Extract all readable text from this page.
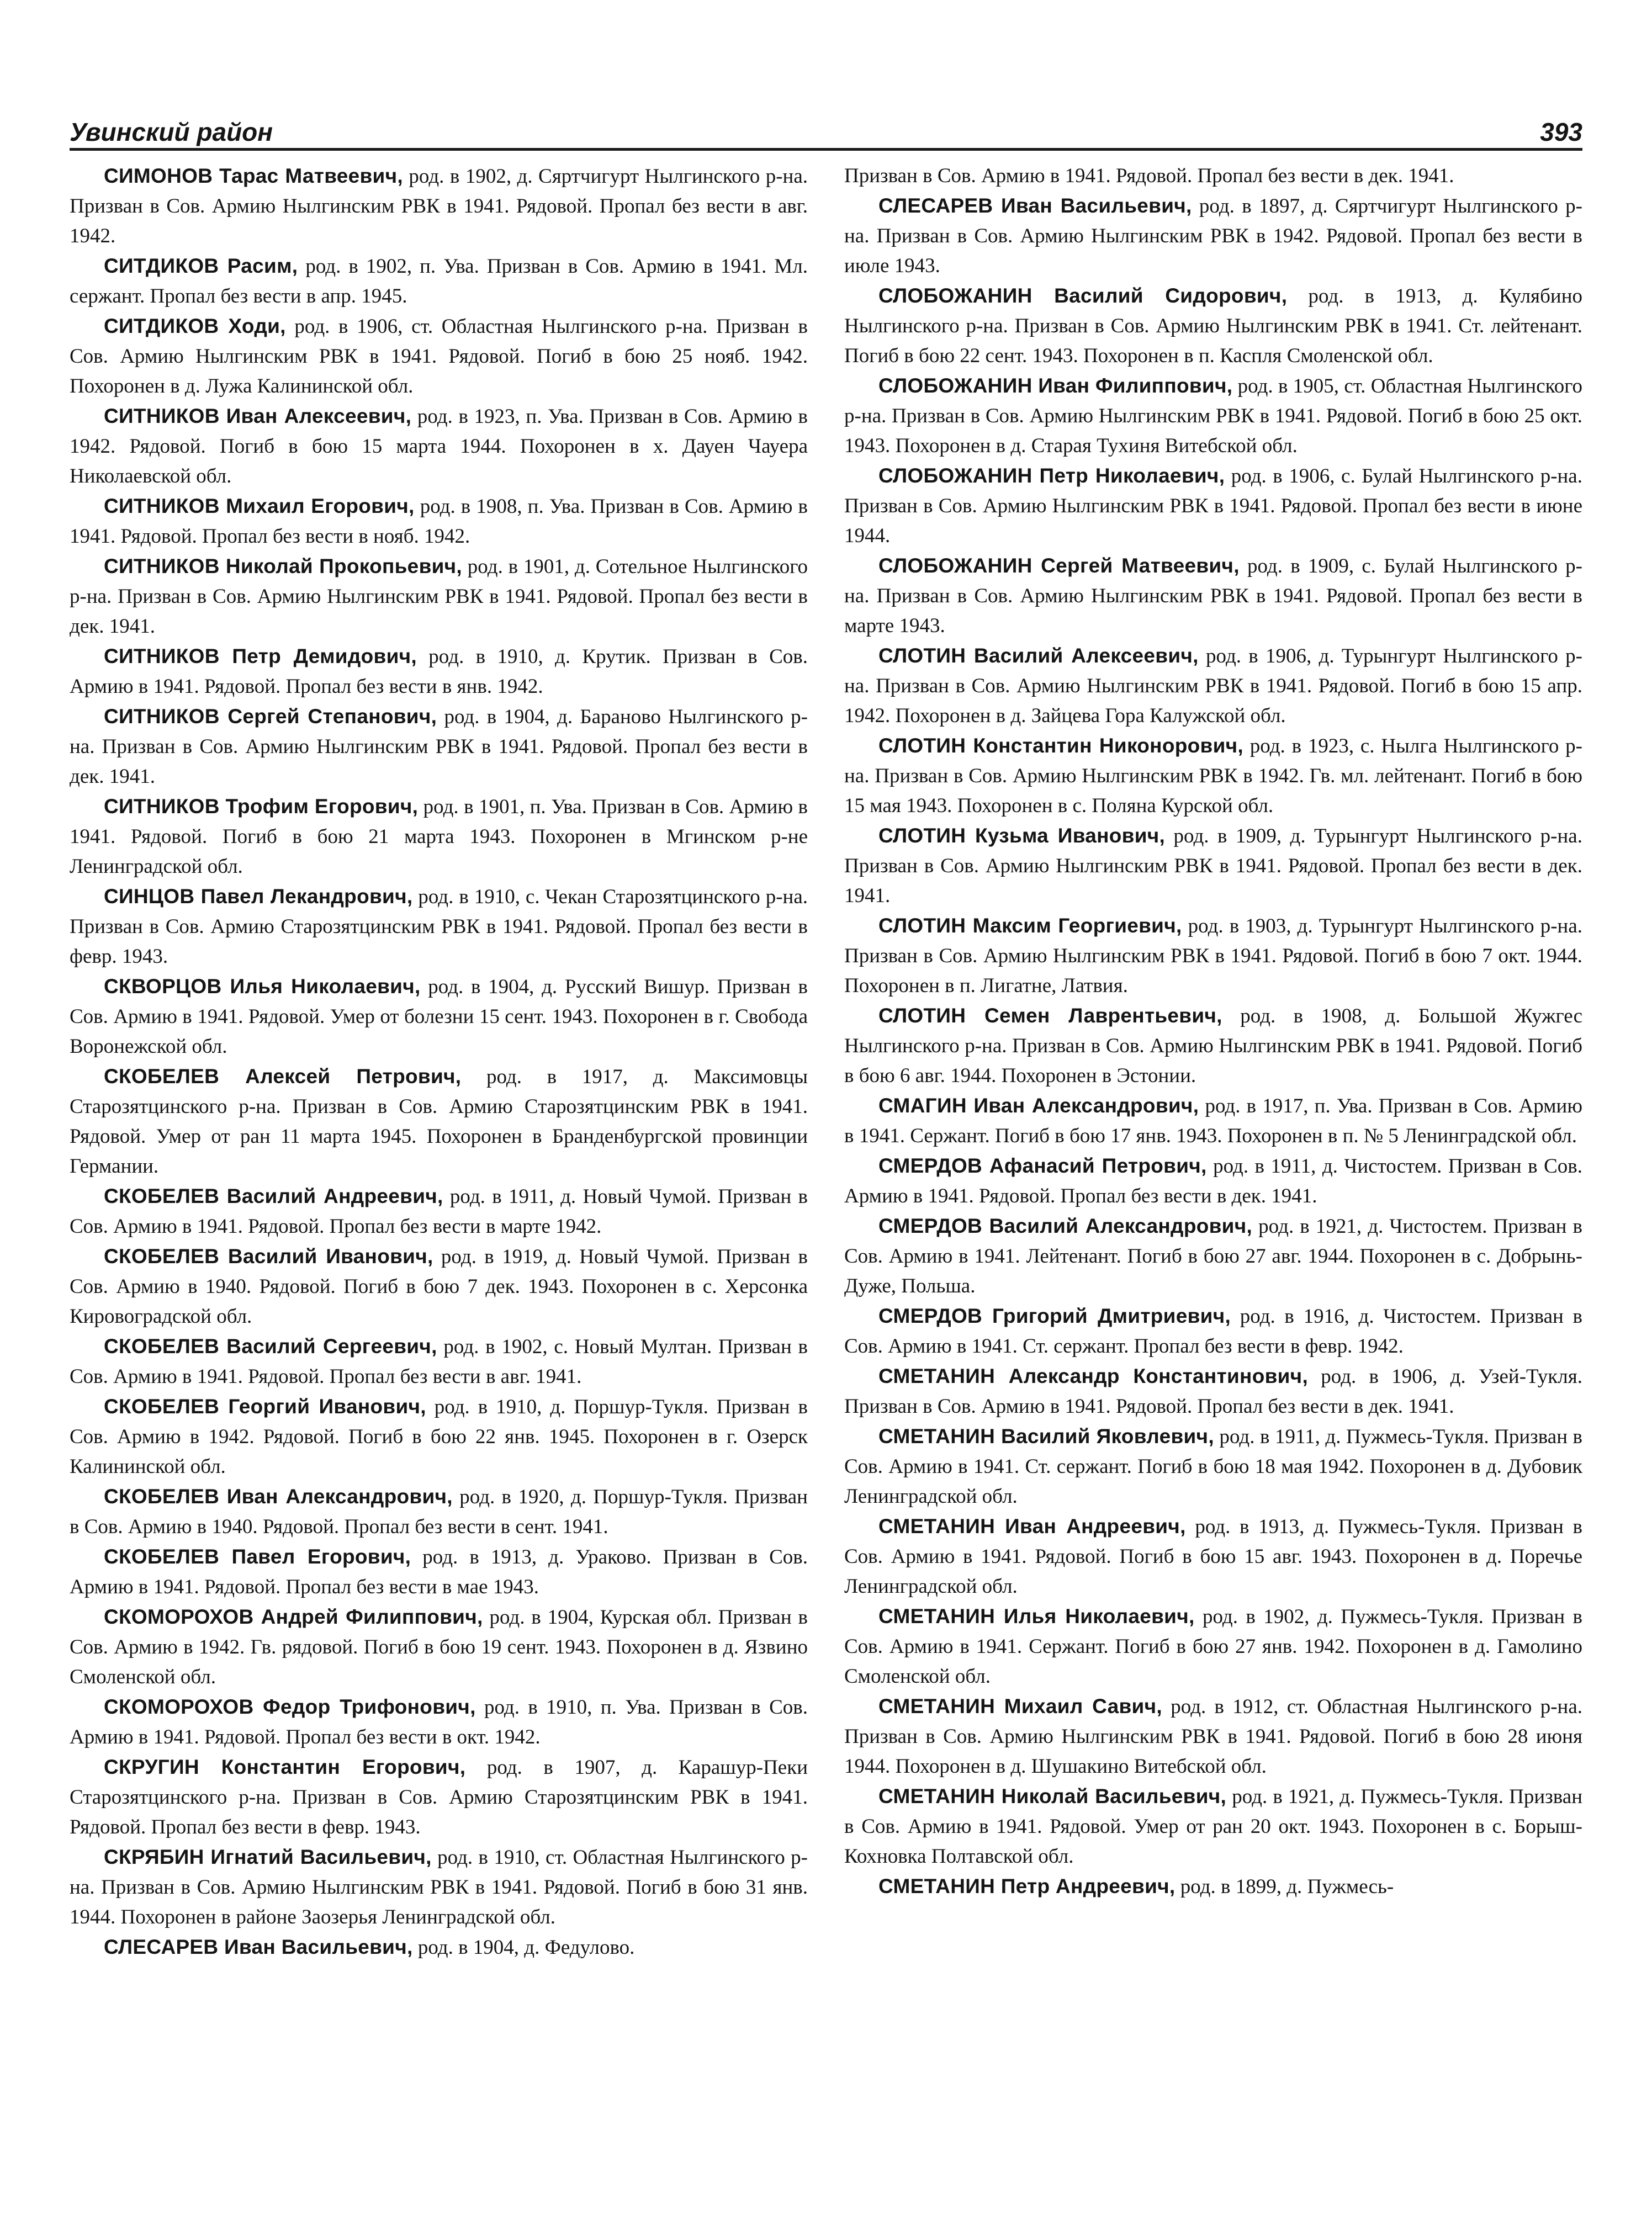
Увинский район	393

СИМОНОВ Тарас Матвеевич, род. в 1902, д. Сяртчигурт Нылгинского р-на. Призван в Сов. Армию Нылгинским РВК в 1941. Рядовой. Пропал без вести в авг. 1942.

СИТДИКОВ Расим, род. в 1902, п. Ува. Призван в Сов. Армию в 1941. Мл. сержант. Пропал без вести в апр. 1945.

СИТДИКОВ Ходи, род. в 1906, ст. Областная Нылгинского р-на. Призван в Сов. Армию Нылгинским РВК в 1941. Рядовой. Погиб в бою 25 нояб. 1942. Похоронен в д. Лужа Калининской обл.

СИТНИКОВ Иван Алексеевич, род. в 1923, п. Ува. Призван в Сов. Армию в 1942. Рядовой. Погиб в бою 15 марта 1944. Похоронен в х. Дауен Чауера Николаевской обл.

СИТНИКОВ Михаил Егорович, род. в 1908, п. Ува. Призван в Сов. Армию в 1941. Рядовой. Пропал без вести в нояб. 1942.

СИТНИКОВ Николай Прокопьевич, род. в 1901, д. Сотельное Нылгинского р-на. Призван в Сов. Армию Нылгинским РВК в 1941. Рядовой. Пропал без вести в дек. 1941.

СИТНИКОВ Петр Демидович, род. в 1910, д. Крутик. Призван в Сов. Армию в 1941. Рядовой. Пропал без вести в янв. 1942.

СИТНИКОВ Сергей Степанович, род. в 1904, д. Бараново Нылгинского р-на. Призван в Сов. Армию Нылгинским РВК в 1941. Рядовой. Пропал без вести в дек. 1941.

СИТНИКОВ Трофим Егорович, род. в 1901, п. Ува. Призван в Сов. Армию в 1941. Рядовой. Погиб в бою 21 марта 1943. Похоронен в Мгинском р-не Ленинградской обл.

СИНЦОВ Павел Лекандрович, род. в 1910, с. Чекан Старозятцинского р-на. Призван в Сов. Армию Старозятцинским РВК в 1941. Рядовой. Пропал без вести в февр. 1943.

СКВОРЦОВ Илья Николаевич, род. в 1904, д. Русский Вишур. Призван в Сов. Армию в 1941. Рядовой. Умер от болезни 15 сент. 1943. Похоронен в г. Свобода Воронежской обл.

СКОБЕЛЕВ Алексей Петрович, род. в 1917, д. Максимовцы Старозятцинского р-на. Призван в Сов. Армию Старозятцинским РВК в 1941. Рядовой. Умер от ран 11 марта 1945. Похоронен в Бранденбургской провинции Германии.

СКОБЕЛЕВ Василий Андреевич, род. в 1911, д. Новый Чумой. Призван в Сов. Армию в 1941. Рядовой. Пропал без вести в марте 1942.

СКОБЕЛЕВ Василий Иванович, род. в 1919, д. Новый Чумой. Призван в Сов. Армию в 1940. Рядовой. Погиб в бою 7 дек. 1943. Похоронен в с. Херсонка Кировоградской обл.

СКОБЕЛЕВ Василий Сергеевич, род. в 1902, с. Новый Мултан. Призван в Сов. Армию в 1941. Рядовой. Пропал без вести в авг. 1941.

СКОБЕЛЕВ Георгий Иванович, род. в 1910, д. Поршур-Тукля. Призван в Сов. Армию в 1942. Рядовой. Погиб в бою 22 янв. 1945. Похоронен в г. Озерск Калининской обл.

СКОБЕЛЕВ Иван Александрович, род. в 1920, д. Поршур-Тукля. Призван в Сов. Армию в 1940. Рядовой. Пропал без вести в сент. 1941.

СКОБЕЛЕВ Павел Егорович, род. в 1913, д. Ураково. Призван в Сов. Армию в 1941. Рядовой. Пропал без вести в мае 1943.

СКОМОРОХОВ Андрей Филиппович, род. в 1904, Курская обл. Призван в Сов. Армию в 1942. Гв. рядовой. Погиб в бою 19 сент. 1943. Похоронен в д. Язвино Смоленской обл.

СКОМОРОХОВ Федор Трифонович, род. в 1910, п. Ува. Призван в Сов. Армию в 1941. Рядовой. Пропал без вести в окт. 1942.

СКРУГИН Константин Егорович, род. в 1907, д. Карашур-Пеки Старозятцинского р-на. Призван в Сов. Армию Старозятцинским РВК в 1941. Рядовой. Пропал без вести в февр. 1943.

СКРЯБИН Игнатий Васильевич, род. в 1910, ст. Областная Нылгинского р-на. Призван в Сов. Армию Нылгинским РВК в 1941. Рядовой. Погиб в бою 31 янв. 1944. Похоронен в районе Заозерья Ленинградской обл.

СЛЕСАРЕВ Иван Васильевич, род. в 1904, д. Федулово.

Призван в Сов. Армию в 1941. Рядовой. Пропал без вести в дек. 1941.

СЛЕСАРЕВ Иван Васильевич, род. в 1897, д. Сяртчигурт Нылгинского р-на. Призван в Сов. Армию Нылгинским РВК в 1942. Рядовой. Пропал без вести в июле 1943.

СЛОБОЖАНИН Василий Сидорович, род. в 1913, д. Кулябино Нылгинского р-на. Призван в Сов. Армию Нылгинским РВК в 1941. Ст. лейтенант. Погиб в бою 22 сент. 1943. Похоронен в п. Каспля Смоленской обл.

СЛОБОЖАНИН Иван Филиппович, род. в 1905, ст. Областная Нылгинского р-на. Призван в Сов. Армию Нылгинским РВК в 1941. Рядовой. Погиб в бою 25 окт. 1943. Похоронен в д. Старая Тухиня Витебской обл.

СЛОБОЖАНИН Петр Николаевич, род. в 1906, с. Булай Нылгинского р-на. Призван в Сов. Армию Нылгинским РВК в 1941. Рядовой. Пропал без вести в июне 1944.

СЛОБОЖАНИН Сергей Матвеевич, род. в 1909, с. Булай Нылгинского р-на. Призван в Сов. Армию Нылгинским РВК в 1941. Рядовой. Пропал без вести в марте 1943.

СЛОТИН Василий Алексеевич, род. в 1906, д. Турынгурт Нылгинского р-на. Призван в Сов. Армию Нылгинским РВК в 1941. Рядовой. Погиб в бою 15 апр. 1942. Похоронен в д. Зайцева Гора Калужской обл.

СЛОТИН Константин Никонорович, род. в 1923, с. Нылга Нылгинского р-на. Призван в Сов. Армию Нылгинским РВК в 1942. Гв. мл. лейтенант. Погиб в бою 15 мая 1943. Похоронен в с. Поляна Курской обл.

СЛОТИН Кузьма Иванович, род. в 1909, д. Турынгурт Нылгинского р-на. Призван в Сов. Армию Нылгинским РВК в 1941. Рядовой. Пропал без вести в дек. 1941.

СЛОТИН Максим Георгиевич, род. в 1903, д. Турынгурт Нылгинского р-на. Призван в Сов. Армию Нылгинским РВК в 1941. Рядовой. Погиб в бою 7 окт. 1944. Похоронен в п. Лигатне, Латвия.

СЛОТИН Семен Лаврентьевич, род. в 1908, д. Большой Жужгес Нылгинского р-на. Призван в Сов. Армию Нылгинским РВК в 1941. Рядовой. Погиб в бою 6 авг. 1944. Похоронен в Эстонии.

СМАГИН Иван Александрович, род. в 1917, п. Ува. Призван в Сов. Армию в 1941. Сержант. Погиб в бою 17 янв. 1943. Похоронен в п. № 5 Ленинградской обл.

СМЕРДОВ Афанасий Петрович, род. в 1911, д. Чистостем. Призван в Сов. Армию в 1941. Рядовой. Пропал без вести в дек. 1941.

СМЕРДОВ Василий Александрович, род. в 1921, д. Чистостем. Призван в Сов. Армию в 1941. Лейтенант. Погиб в бою 27 авг. 1944. Похоронен в с. Добрынь-Дуже, Польша.

СМЕРДОВ Григорий Дмитриевич, род. в 1916, д. Чистостем. Призван в Сов. Армию в 1941. Ст. сержант. Пропал без вести в февр. 1942.

СМЕТАНИН Александр Константинович, род. в 1906, д. Узей-Тукля. Призван в Сов. Армию в 1941. Рядовой. Пропал без вести в дек. 1941.

СМЕТАНИН Василий Яковлевич, род. в 1911, д. Пужмесь-Тукля. Призван в Сов. Армию в 1941. Ст. сержант. Погиб в бою 18 мая 1942. Похоронен в д. Дубовик Ленинградской обл.

СМЕТАНИН Иван Андреевич, род. в 1913, д. Пужмесь-Тукля. Призван в Сов. Армию в 1941. Рядовой. Погиб в бою 15 авг. 1943. Похоронен в д. Поречье Ленинградской обл.

СМЕТАНИН Илья Николаевич, род. в 1902, д. Пужмесь-Тукля. Призван в Сов. Армию в 1941. Сержант. Погиб в бою 27 янв. 1942. Похоронен в д. Гамолино Смоленской обл.

СМЕТАНИН Михаил Савич, род. в 1912, ст. Областная Нылгинского р-на. Призван в Сов. Армию Нылгинским РВК в 1941. Рядовой. Погиб в бою 28 июня 1944. Похоронен в д. Шушакино Витебской обл.

СМЕТАНИН Николай Васильевич, род. в 1921, д. Пужмесь-Тукля. Призван в Сов. Армию в 1941. Рядовой. Умер от ран 20 окт. 1943. Похоронен в с. Борыш-Кохновка Полтавской обл.

СМЕТАНИН Петр Андреевич, род. в 1899, д. Пужмесь-
